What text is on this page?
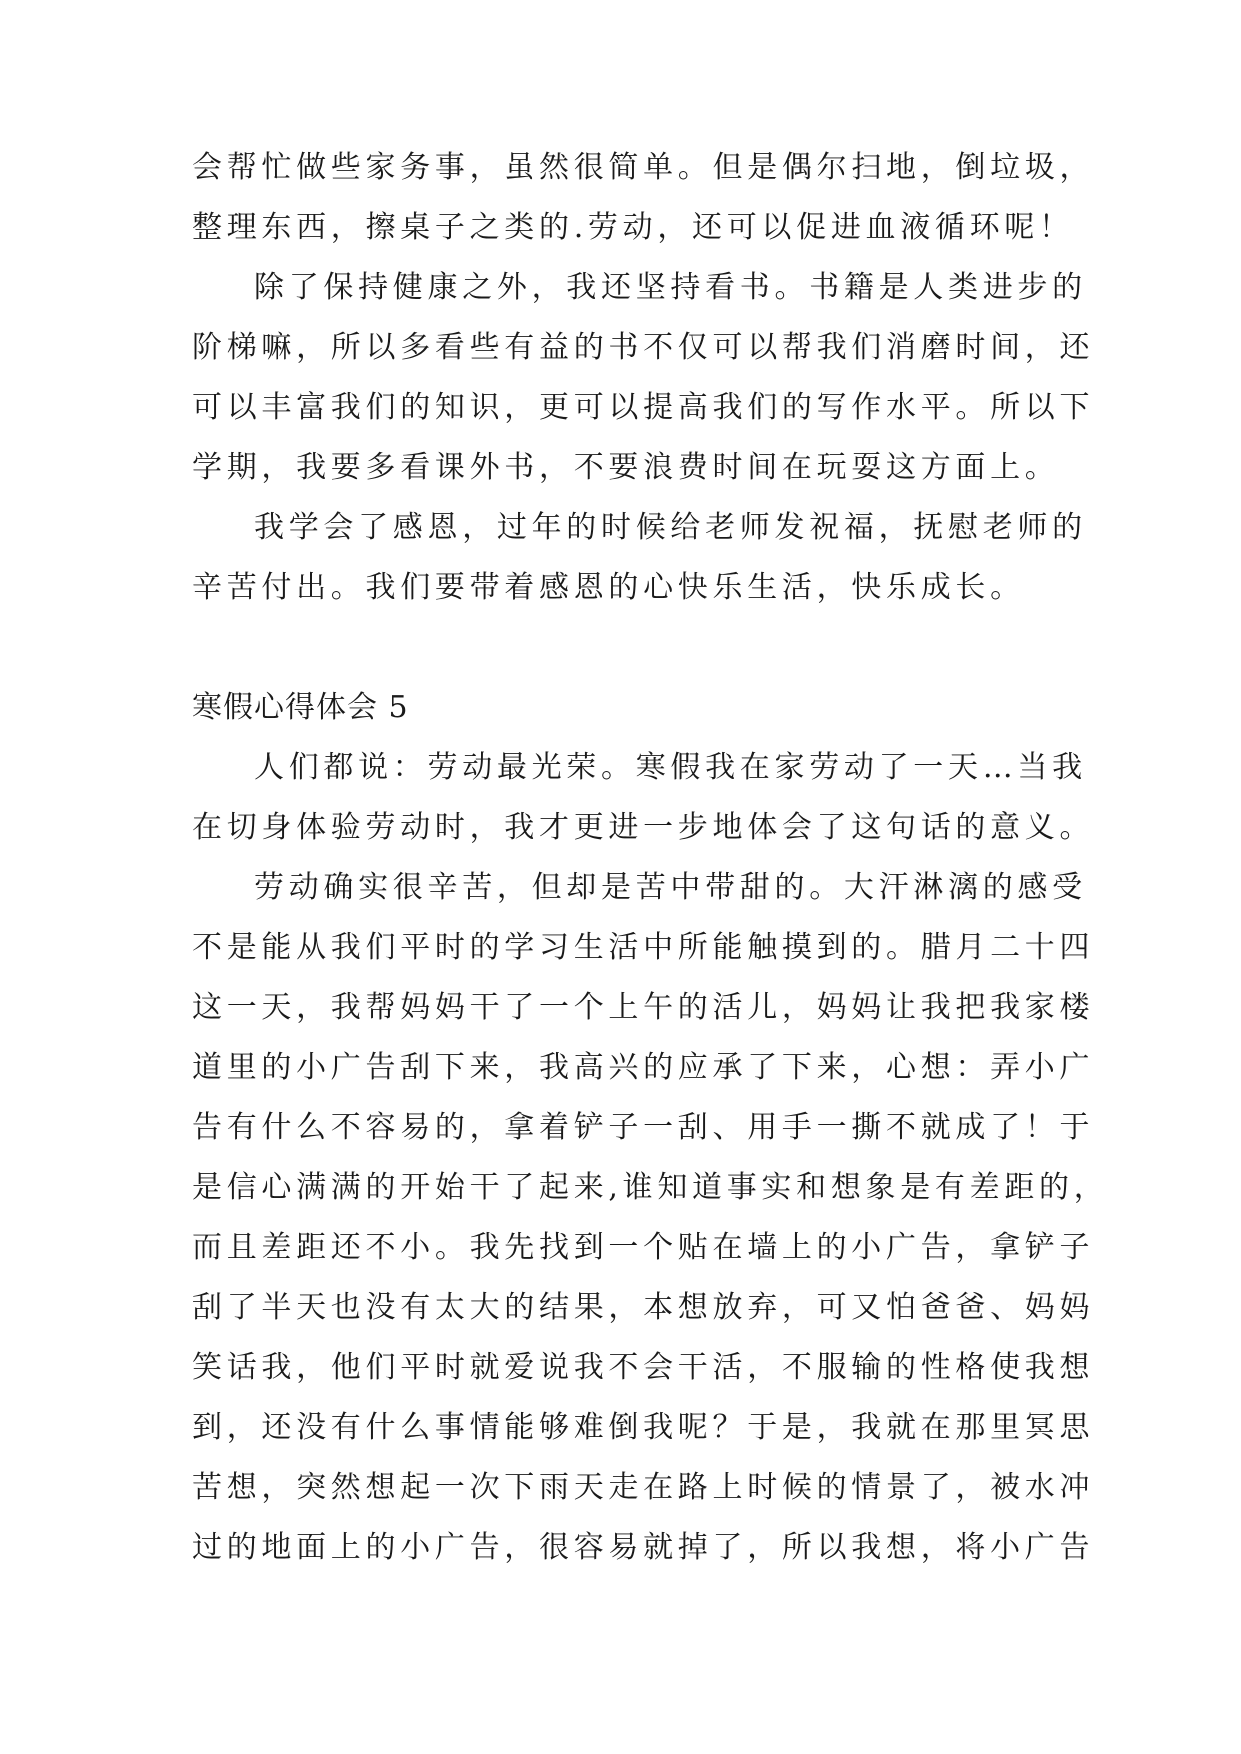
会帮忙做些家务事，虽然很简单。但是偶尔扫地，倒垃圾，
整理东西，擦桌子之类的.劳动，还可以促进血液循环呢！
除了保持健康之外，我还坚持看书。书籍是人类进步的
阶梯嘛，所以多看些有益的书不仅可以帮我们消磨时间，还
可以丰富我们的知识，更可以提高我们的写作水平。所以下
学期，我要多看课外书，不要浪费时间在玩耍这方面上。
我学会了感恩，过年的时候给老师发祝福，抚慰老师的
辛苦付出。我们要带着感恩的心快乐生活，快乐成长。
寒假心得体会 5
人们都说：劳动最光荣。寒假我在家劳动了一天…当我
在切身体验劳动时，我才更进一步地体会了这句话的意义。
劳动确实很辛苦，但却是苦中带甜的。大汗淋漓的感受
不是能从我们平时的学习生活中所能触摸到的。腊月二十四
这一天，我帮妈妈干了一个上午的活儿，妈妈让我把我家楼
道里的小广告刮下来，我高兴的应承了下来，心想：弄小广
告有什么不容易的，拿着铲子一刮、用手一撕不就成了！于
是信心满满的开始干了起来,谁知道事实和想象是有差距的，
而且差距还不小。我先找到一个贴在墙上的小广告，拿铲子
刮了半天也没有太大的结果，本想放弃，可又怕爸爸、妈妈
笑话我，他们平时就爱说我不会干活，不服输的性格使我想
到，还没有什么事情能够难倒我呢？于是，我就在那里冥思
苦想，突然想起一次下雨天走在路上时候的情景了，被水冲
过的地面上的小广告，很容易就掉了，所以我想，将小广告
